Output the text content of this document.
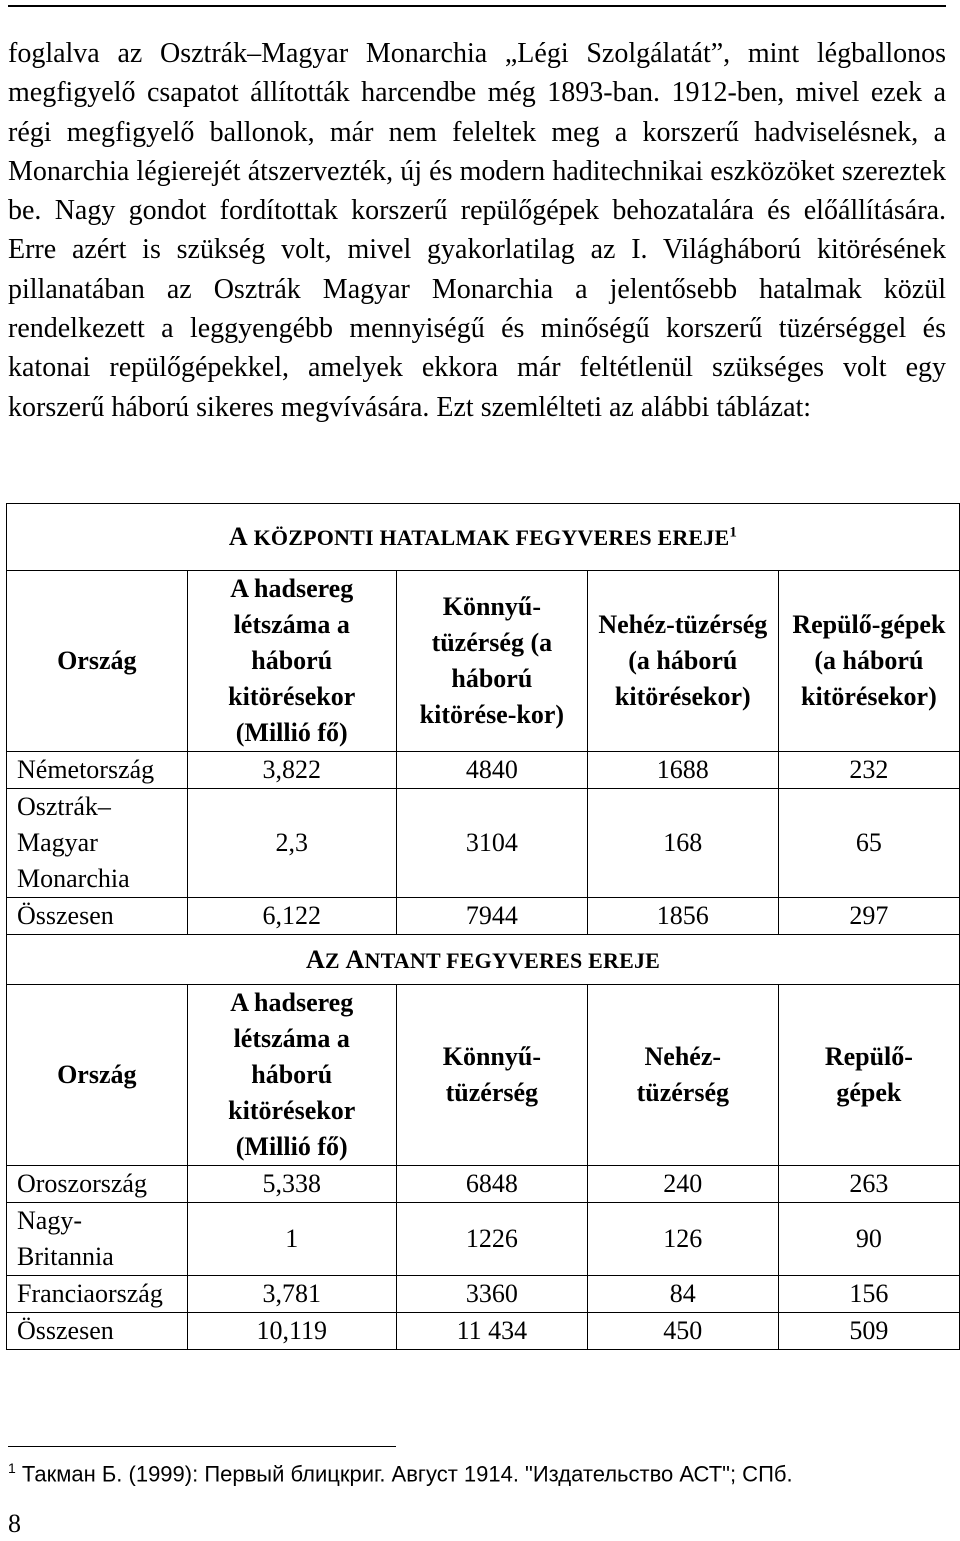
foglalva az Osztrák–Magyar Monarchia „Légi Szolgálatát”, mint légballonos megfigyelő csapatot állították harcendbe még 1893-ban. 1912-ben, mivel ezek a régi megfigyelő ballonok, már nem feleltek meg a korszerű hadviselésnek, a Monarchia légierejét átszervezték, új és modern haditechnikai eszközöket szereztek be. Nagy gondot fordítottak korszerű repülőgépek behozatalára és előállítására. Erre azért is szükség volt, mivel gyakorlatilag az I. Világháború kitörésének pillanatában az Osztrák Magyar Monarchia a jelentősebb hatalmak közül rendelkezett a leggyengébb mennyiségű és minőségű korszerű tüzérséggel és katonai repülőgépekkel, amelyek ekkora már feltétlenül szükséges volt egy korszerű háború sikeres megvívására. Ezt szemlélteti az alábbi táblázat:

A KÖZPONTI HATALMAK FEGYVERES EREJE$^1$
Ország	A hadsereg létszáma a háború kitörésekor (Millió fő)	Könnyű-tüzérség (a háború kitörése-kor)	Nehéz-tüzérség (a háború kitörésekor)	Repülő-gépek (a háború kitörésekor)
Németország	3,822	4840	1688	232
Osztrák– Magyar Monarchia	2,3	3104	168	65
Összesen	6,122	7944	1856	297
AZ ANTANT FEGYVERES EREJE				
Ország	A hadsereg létszáma a háború kitörésekor (Millió fő)	Könnyű-tüzérség	Nehéz-tüzérség	Repülő-gépek
Oroszország	5,338	6848	240	263
Nagy- Britannia	1	1226	126	90
Franciaország	3,781	3360	84	156
Összesen	10,119	11 434	450	509
$^1$ Такман Б. (1999): Первый блицкриг. Август 1914. "Издательство АСТ"; СПб.
8
